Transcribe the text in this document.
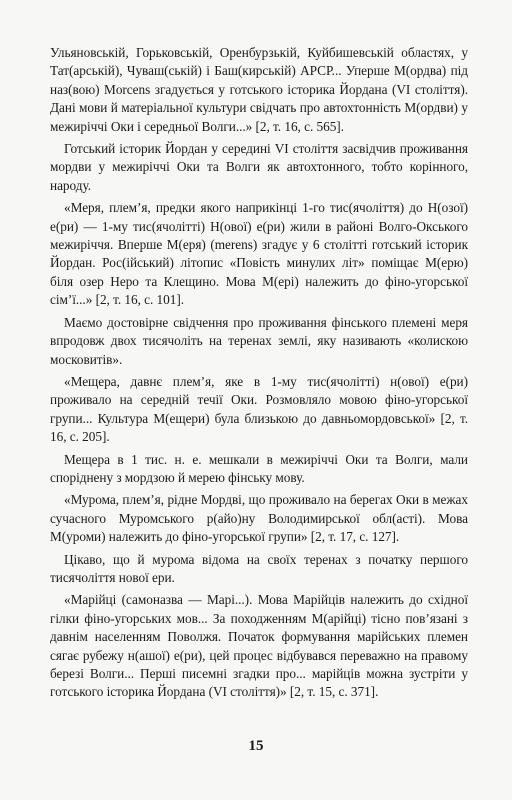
Ульяновській, Горьковській, Оренбурзькій, Куйбишевській областях, у Тат(арській), Чуваш(ській) і Баш(кирській) АРСР... Уперше М(ордва) під наз(вою) Morcens згадується у готського історика Йордана (VI століття). Дані мови й матеріальної культури свідчать про автохтонність М(ордви) у межиріччі Оки і середньої Волги...» [2, т. 16, с. 565].

Готський історик Йордан у середині VI століття засвідчив проживання мордви у межиріччі Оки та Волги як автохтонного, тобто корінного, народу.

«Меря, плем’я, предки якого наприкінці 1-го тис(ячоліття) до Н(озої) е(ри) — 1-му тис(ячолітті) Н(ової) е(ри) жили в районі Волго-Окського межиріччя. Вперше М(еря) (merens) згадує у 6 столітті готський історик Йордан. Рос(ійський) літопис «Повість минулих літ» поміщає М(ерю) біля озер Неро та Клещино. Мова М(ері) належить до фіно-угорської сім’ї...» [2, т. 16, с. 101].

Маємо достовірне свідчення про проживання фінського племені меря впродовж двох тисячоліть на теренах землі, яку називають «колискою московитів».

«Мещера, давнє плем’я, яке в 1-му тис(ячолітті) н(ової) е(ри) проживало на середній течії Оки. Розмовляло мовою фіно-угорської групи... Культура М(ещери) була близькою до давньомордовської» [2, т. 16, с. 205].

Мещера в 1 тис. н. е. мешкали в межиріччі Оки та Волги, мали споріднену з мордзою й мерею фінську мову.

«Мурома, плем’я, рідне Мордві, що проживало на берегах Оки в межах сучасного Муромського р(айо)ну Володимирської обл(асті). Мова М(уроми) належить до фіно-угорської групи» [2, т. 17, с. 127].

Цікаво, що й мурома відома на своїх теренах з початку першого тисячоліття нової ери.

«Марійці (самоназва — Марі...). Мова Марійців належить до східної гілки фіно-угорських мов... За походженням М(арійці) тісно пов’язані з давнім населенням Поволжя. Початок формування марійських племен сягає рубежу н(ашої) е(ри), цей процес відбувався переважно на правому березі Волги... Перші писемні згадки про... марійців можна зустріти у готського історика Йордана (VI століття)» [2, т. 15, с. 371].

15
